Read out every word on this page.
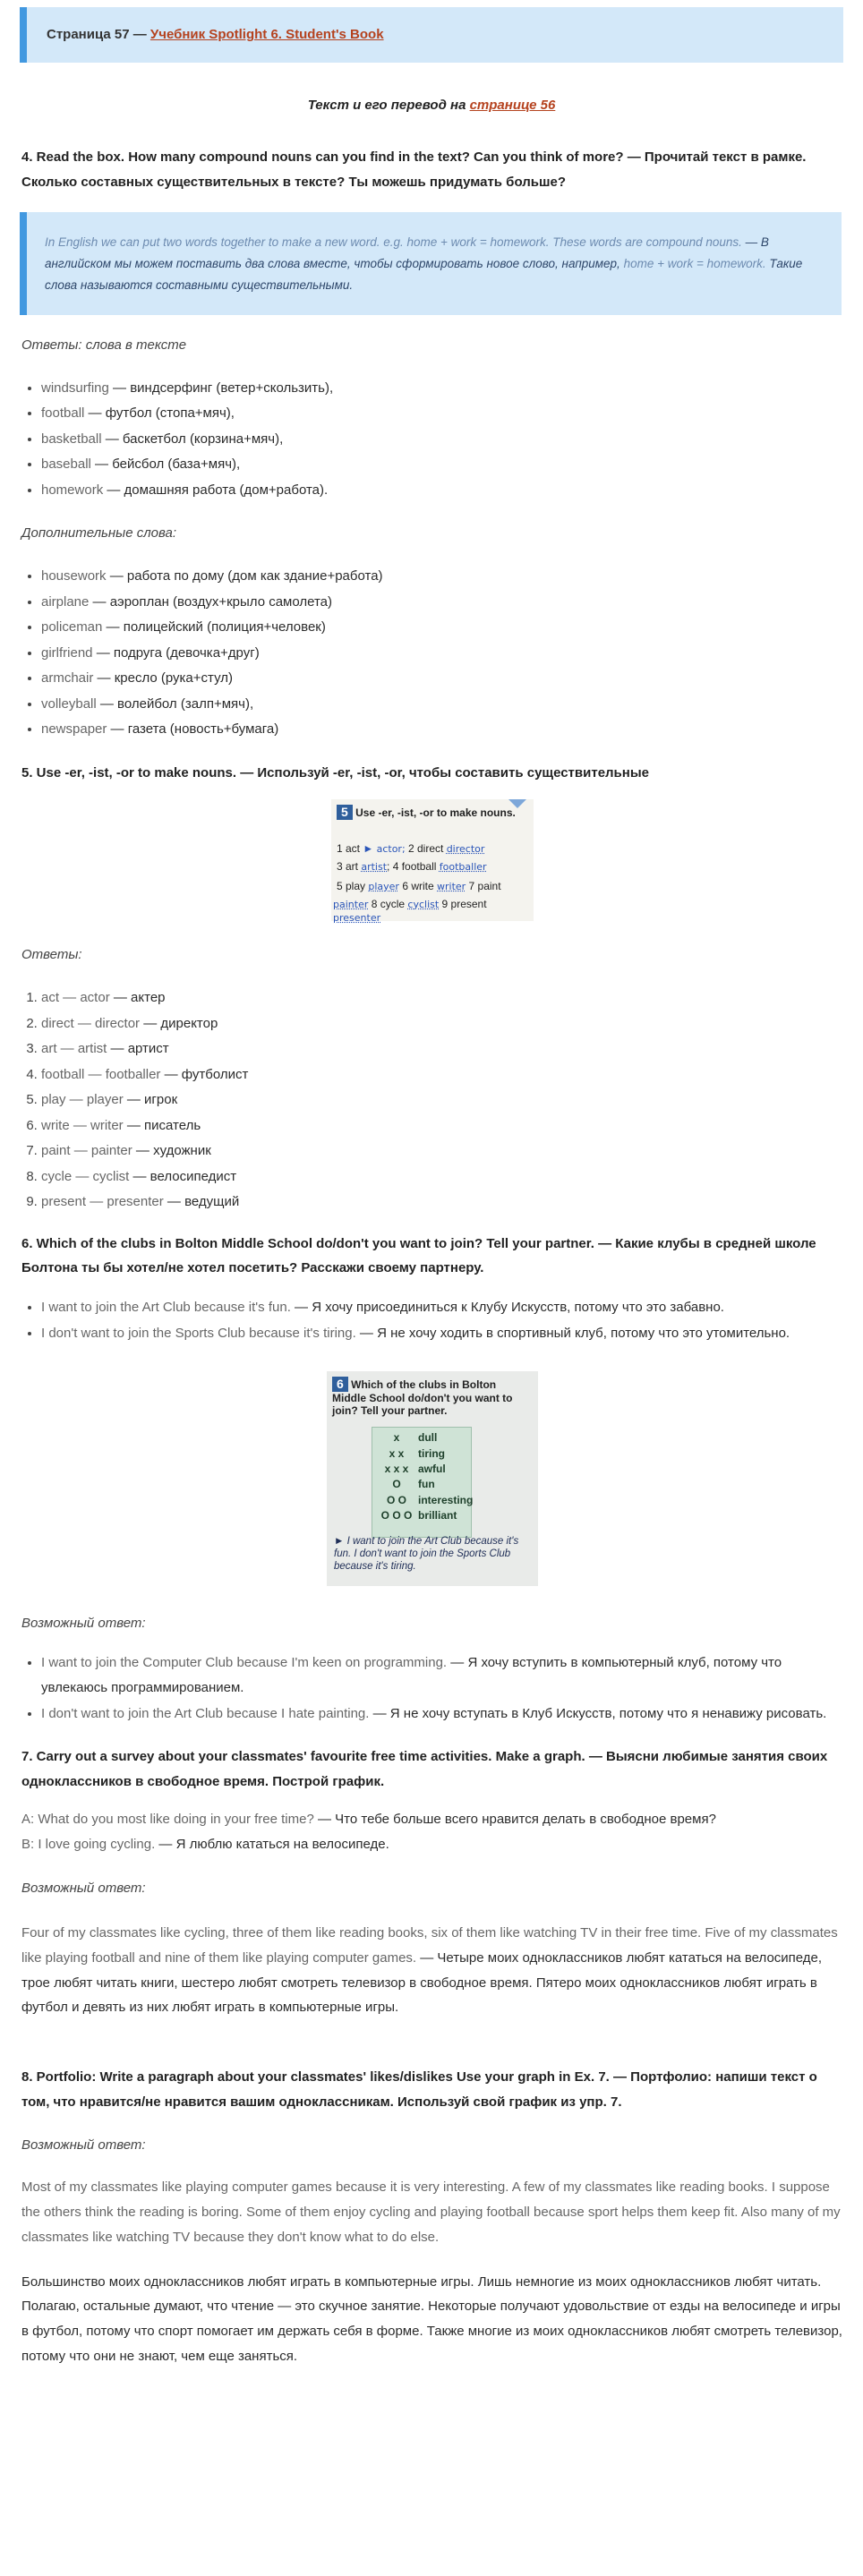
Страница 57 —
Учебник Spotlight 6. Student's Book
Текст и его перевод на странице 56
4. Read the box. How many compound nouns can you find in the text? Can you think of more? — Прочитай текст в рамке. Сколько составных существительных в тексте? Ты можешь придумать больше?
In English we can put two words together to make a new word. e.g. home + work = homework. These words are compound nouns. — В английском мы можем поставить два слова вместе, чтобы сформировать новое слово, например, home + work = homework. Такие слова называются составными существительными.

Ответы: слова в тексте

• windsurfing — виндсерфинг (ветер+скользить),
• football — футбол (стопа+мяч),
• basketball — баскетбол (корзина+мяч),
• baseball — бейсбол (база+мяч),
• homework — домашняя работа (дом+работа).

Дополнительные слова:

• housework — работа по дому (дом как здание+работа)
• airplane — аэроплан (воздух+крыло самолета)
• policeman — полицейский (полиция+человек)
• girlfriend — подруга (девочка+друг)
• armchair — кресло (рука+стул)
• volleyball — волейбол (залп+мяч),
• newspaper — газета (новость+бумага)
5. Use -er, -ist, -or to make nouns. — Используй -er, -ist, -or, чтобы составить существительные
5 Use -er, -ist, -or to make nouns.
1 act ► actor; 2 direct director
3 art artist; 4 football footballer
5 play player 6 write writer 7 paint
painter 8 cycle cyclist 9 present presenter

Ответы:

1. act — actor — актер
2. direct — director — директор
3. art — artist — артист
4. football — footballer — футболист
5. play — player — игрок
6. write — writer — писатель
7. paint — painter — художник
8. cycle — cyclist — велосипедист
9. present — presenter — ведущий
6. Which of the clubs in Bolton Middle School do/don't you want to join? Tell your partner. — Какие клубы в средней школе Болтона ты бы хотел/не хотел посетить? Расскажи своему партнеру.
• I want to join the Art Club because it's fun. — Я хочу присоединиться к Клубу Искусств, потому что это забавно.
• I don't want to join the Sports Club because it's tiring. — Я не хочу ходить в спортивный клуб, потому что это утомительно.
6 Which of the clubs in Bolton Middle School do/don't you want to join? Tell your partner.
x dull
x x tiring
x x x awful
O fun
O O interesting
O O O brilliant
► I want to join the Art Club because it's fun. I don't want to join the Sports Club because it's tiring.

Возможный ответ:

• I want to join the Computer Club because I'm keen on programming. — Я хочу вступить в компьютерный клуб, потому что увлекаюсь программированием.
• I don't want to join the Art Club because I hate painting. — Я не хочу вступать в Клуб Искусств, потому что я ненавижу рисовать.
7. Carry out a survey about your classmates' favourite free time activities. Make a graph. — Выясни любимые занятия своих одноклассников в свободное время. Построй график.

A: What do you most like doing in your free time? — Что тебе больше всего нравится делать в свободное время?

B: I love going cycling. — Я люблю кататься на велосипеде.

Возможный ответ:

Four of my classmates like cycling, three of them like reading books, six of them like watching TV in their free time. Five of my classmates like playing football and nine of them like playing computer games. — Четыре моих одноклассников любят кататься на велосипеде, трое любят читать книги, шестеро любят смотреть телевизор в свободное время. Пятеро моих одноклассников любят играть в футбол и девять из них любят играть в компьютерные игры.

8. Portfolio: Write a paragraph about your classmates' likes/dislikes Use your graph in Ex. 7. — Портфолио: напиши текст о том, что нравится/не нравится вашим одноклассникам. Используй свой график из упр. 7.

Возможный ответ:

Most of my classmates like playing computer games because it is very interesting. A few of my classmates like reading books. I suppose the others think the reading is boring. Some of them enjoy cycling and playing football because sport helps them keep fit. Also many of my classmates like watching TV because they don't know what to do else.

Большинство моих одноклассников любят играть в компьютерные игры. Лишь немногие из моих одноклассников любят читать. Полагаю, остальные думают, что чтение — это скучное занятие. Некоторые получают удовольствие от езды на велосипеде и игры в футбол, потому что спорт помогает им держать себя в форме. Также многие из моих одноклассников любят смотреть телевизор, потому что они не знают, чем еще заняться.
